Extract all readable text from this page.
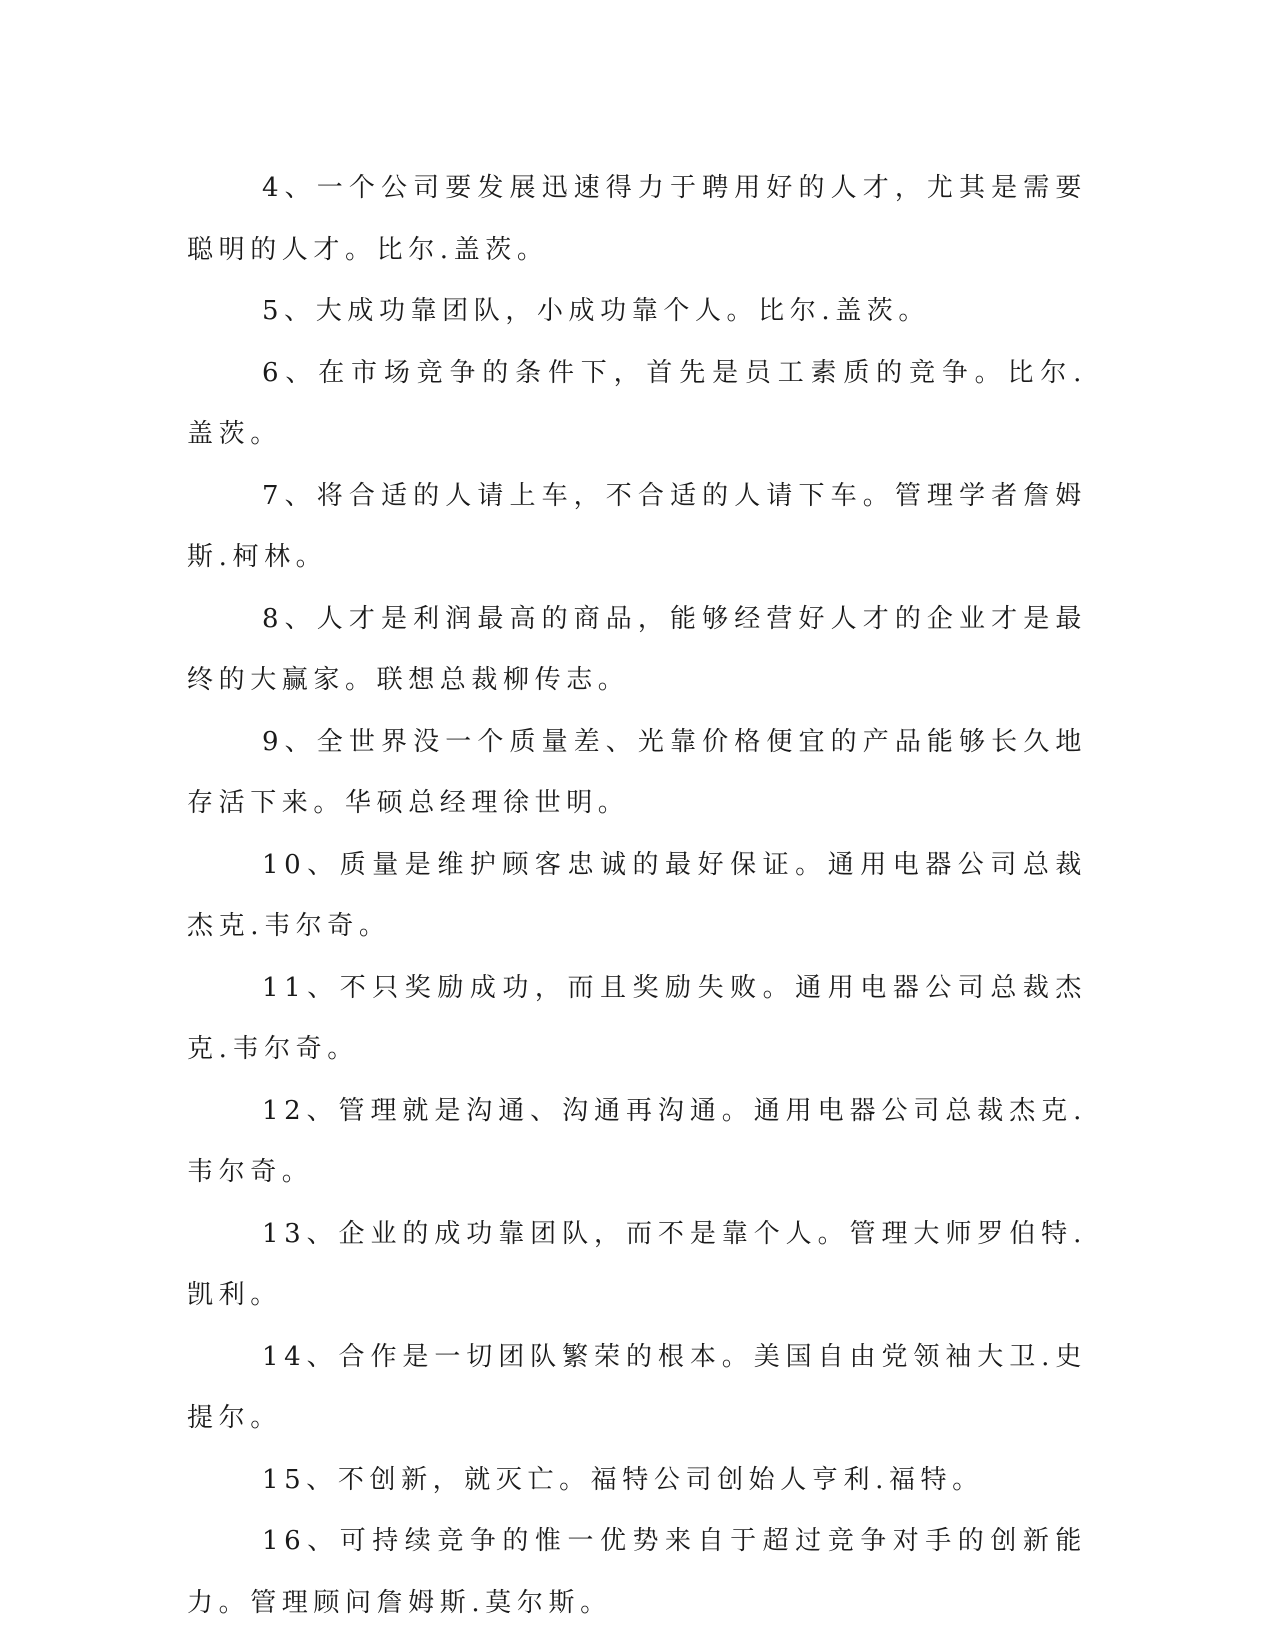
4、一个公司要发展迅速得力于聘用好的人才，尤其是需要聪明的人才。比尔.盖茨。

5、大成功靠团队，小成功靠个人。比尔.盖茨。

6、在市场竞争的条件下，首先是员工素质的竞争。比尔.盖茨。

7、将合适的人请上车，不合适的人请下车。管理学者詹姆斯.柯林。

8、人才是利润最高的商品，能够经营好人才的企业才是最终的大赢家。联想总裁柳传志。

9、全世界没一个质量差、光靠价格便宜的产品能够长久地存活下来。华硕总经理徐世明。

10、质量是维护顾客忠诚的最好保证。通用电器公司总裁杰克.韦尔奇。

11、不只奖励成功，而且奖励失败。通用电器公司总裁杰克.韦尔奇。

12、管理就是沟通、沟通再沟通。通用电器公司总裁杰克.韦尔奇。

13、企业的成功靠团队，而不是靠个人。管理大师罗伯特.凯利。

14、合作是一切团队繁荣的根本。美国自由党领袖大卫.史提尔。

15、不创新，就灭亡。福特公司创始人亨利.福特。

16、可持续竞争的惟一优势来自于超过竞争对手的创新能力。管理顾问詹姆斯.莫尔斯。
